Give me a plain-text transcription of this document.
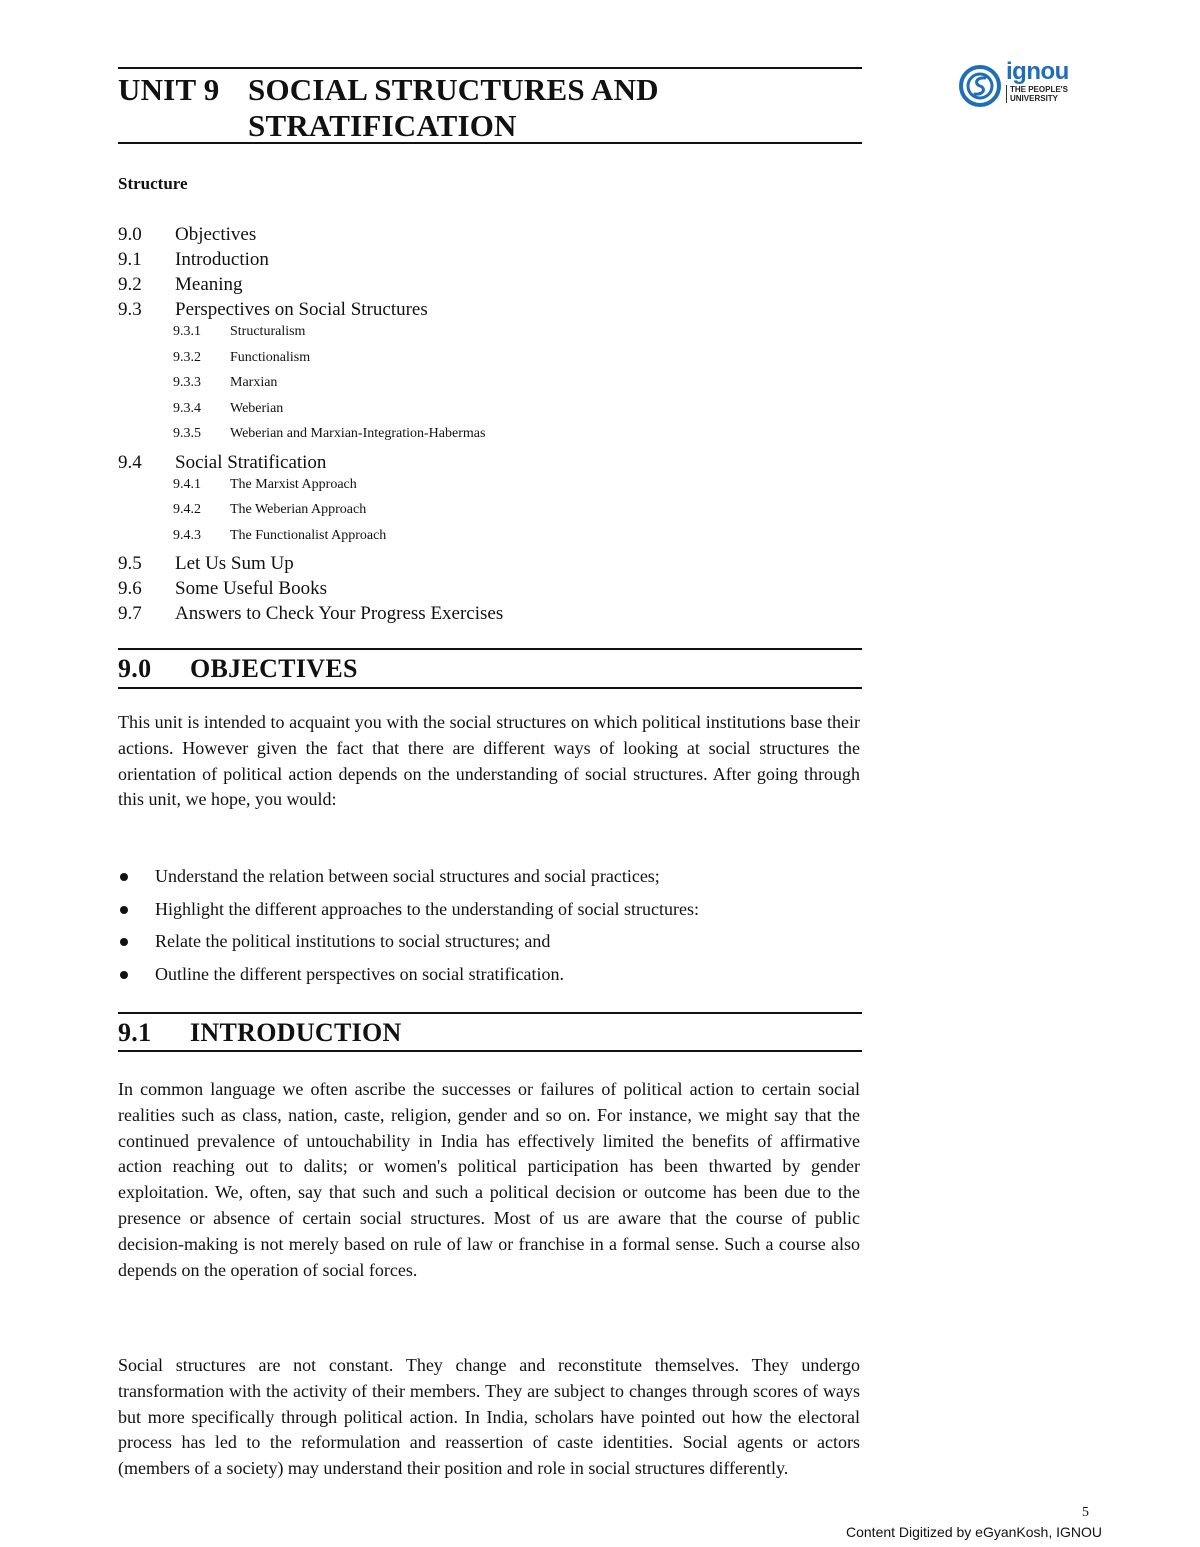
UNIT 9 SOCIAL STRUCTURES AND
STRATIFICATION
ignou
THE PEOPLE'S
UNIVERSITY
Structure
9.0	Objectives
9.1	Introduction
9.2	Meaning
9.3	Perspectives on Social Structures
9.3.1	Structuralism
9.3.2	Functionalism
9.3.3	Marxian
9.3.4	Weberian
9.3.5	Weberian and Marxian-Integration-Habermas
9.4	Social Stratification
9.4.1	The Marxist Approach
9.4.2	The Weberian Approach
9.4.3	The Functionalist Approach
9.5	Let Us Sum Up
9.6	Some Useful Books
9.7	Answers to Check Your Progress Exercises
9.0 OBJECTIVES
This unit is intended to acquaint you with the social structures on which political institutions base their actions. However given the fact that there are different ways of looking at social structures the orientation of political action depends on the understanding of social structures. After going through this unit, we hope, you would:
Understand the relation between social structures and social practices;
Highlight the different approaches to the understanding of social structures:
Relate the political institutions to social structures; and
Outline the different perspectives on social stratification.
9.1 INTRODUCTION
In common language we often ascribe the successes or failures of political action to certain social realities such as class, nation, caste, religion, gender and so on. For instance, we might say that the continued prevalence of untouchability in India has effectively limited the benefits of affirmative action reaching out to dalits; or women's political participation has been thwarted by gender exploitation. We, often, say that such and such a political decision or outcome has been due to the presence or absence of certain social structures. Most of us are aware that the course of public decision-making is not merely based on rule of law or franchise in a formal sense. Such a course also depends on the operation of social forces.
Social structures are not constant. They change and reconstitute themselves. They undergo transformation with the activity of their members. They are subject to changes through scores of ways but more specifically through political action. In India, scholars have pointed out how the electoral process has led to the reformulation and reassertion of caste identities. Social agents or actors (members of a society) may understand their position and role in social structures differently.
5
Content Digitized by eGyanKosh, IGNOU
